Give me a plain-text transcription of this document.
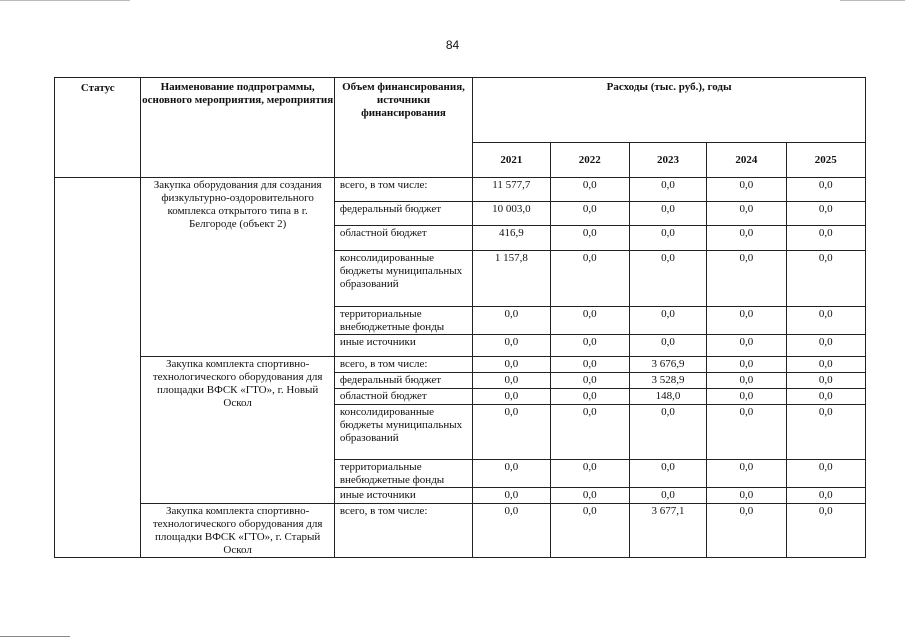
84
Статус	Наименование подпрограммы, основного мероприятия, мероприятия	Объем финансирования, источники финансирования	Расходы (тыс. руб.), годы				
			2021	2022	2023	2024	2025
	Закупка оборудования для создания физкультурно-оздоровительного комплекса открытого типа в г. Белгороде (объект 2)	всего, в том числе:	11 577,7	0,0	0,0	0,0	0,0
		федеральный бюджет	10 003,0	0,0	0,0	0,0	0,0
		областной бюджет	416,9	0,0	0,0	0,0	0,0
		консолидированные бюджеты муниципальных образований	1 157,8	0,0	0,0	0,0	0,0
		территориальные внебюджетные фонды	0,0	0,0	0,0	0,0	0,0
		иные источники	0,0	0,0	0,0	0,0	0,0
	Закупка комплекта спортивно-технологического оборудования для площадки ВФСК «ГТО», г. Новый Оскол	всего, в том числе:	0,0	0,0	3 676,9	0,0	0,0
		федеральный бюджет	0,0	0,0	3 528,9	0,0	0,0
		областной бюджет	0,0	0,0	148,0	0,0	0,0
		консолидированные бюджеты муниципальных образований	0,0	0,0	0,0	0,0	0,0
		территориальные внебюджетные фонды	0,0	0,0	0,0	0,0	0,0
		иные источники	0,0	0,0	0,0	0,0	0,0
	Закупка комплекта спортивно-технологического оборудования для площадки ВФСК «ГТО», г. Старый Оскол	всего, в том числе:	0,0	0,0	3 677,1	0,0	0,0
